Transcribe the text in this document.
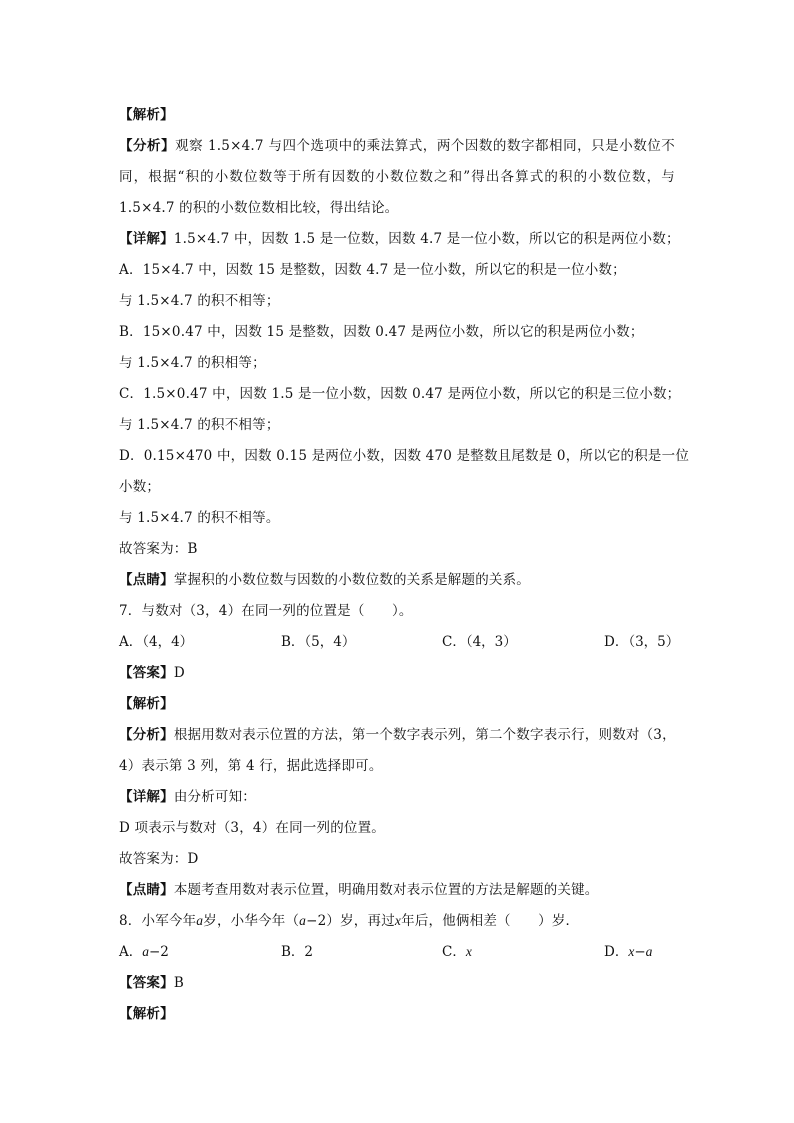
【解析】
【分析】观察 1.5×4.7 与四个选项中的乘法算式，两个因数的数字都相同，只是小数位不
同，根据“积的小数位数等于所有因数的小数位数之和”得出各算式的积的小数位数，与
1.5×4.7 的积的小数位数相比较，得出结论。
【详解】1.5×4.7 中，因数 1.5 是一位数，因数 4.7 是一位小数，所以它的积是两位小数；
A．15×4.7 中，因数 15 是整数，因数 4.7 是一位小数，所以它的积是一位小数；
与 1.5×4.7 的积不相等；
B．15×0.47 中，因数 15 是整数，因数 0.47 是两位小数，所以它的积是两位小数；
与 1.5×4.7 的积相等；
C．1.5×0.47 中，因数 1.5 是一位小数，因数 0.47 是两位小数，所以它的积是三位小数；
与 1.5×4.7 的积不相等；
D．0.15×470 中，因数 0.15 是两位小数，因数 470 是整数且尾数是 0，所以它的积是一位
小数；
与 1.5×4.7 的积不相等。
故答案为：B
【点睛】掌握积的小数位数与因数的小数位数的关系是解题的关系。
7．与数对（3，4）在同一列的位置是（　　）。
A．（4，4）	B．（5，4）	C．（4，3）	D．（3，5）
【答案】D
【解析】
【分析】根据用数对表示位置的方法，第一个数字表示列，第二个数字表示行，则数对（3，
4）表示第 3 列，第 4 行，据此选择即可。
【详解】由分析可知：
D 项表示与数对（3，4）在同一列的位置。
故答案为：D
【点睛】本题考查用数对表示位置，明确用数对表示位置的方法是解题的关键。
8．小军今年a岁，小华今年（a−2）岁，再过x年后，他俩相差（　　）岁．
A．a−2	B．2	C．x	D．x−a
【答案】B
【解析】
